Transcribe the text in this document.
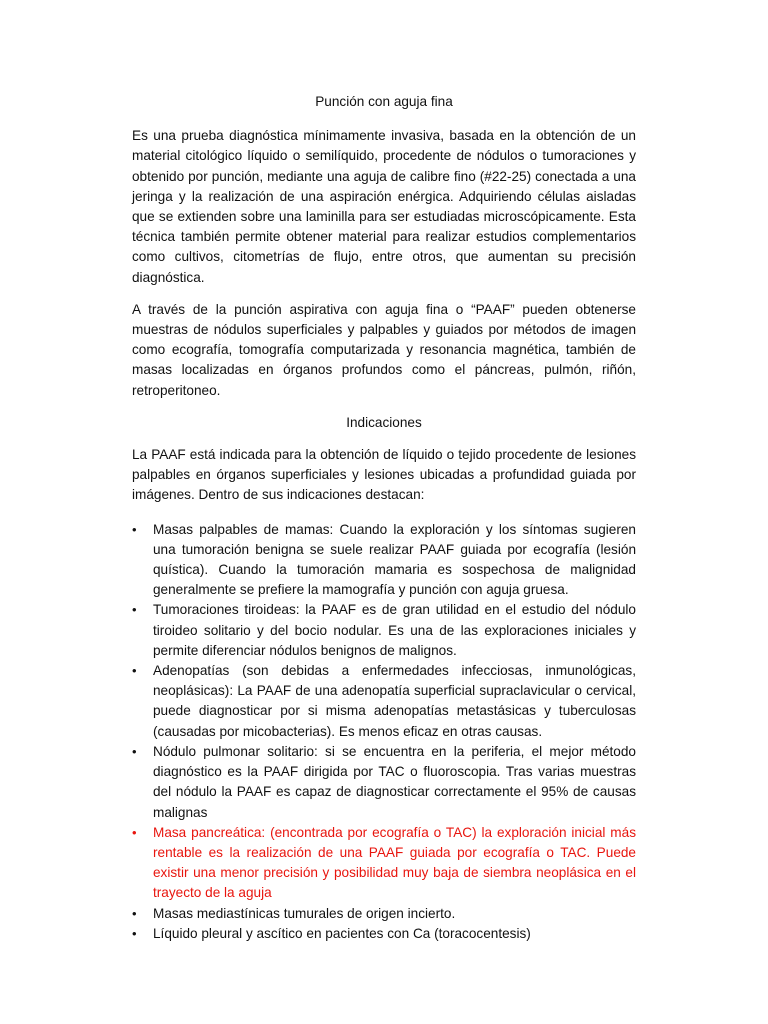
Punción con aguja fina

Es una prueba diagnóstica mínimamente invasiva, basada en la obtención de un material citológico líquido o semilíquido, procedente de nódulos o tumoraciones y obtenido por punción, mediante una aguja de calibre fino (#22-25) conectada a una jeringa y la realización de una aspiración enérgica. Adquiriendo células aisladas que se extienden sobre una laminilla para ser estudiadas microscópicamente. Esta técnica también permite obtener material para realizar estudios complementarios como cultivos, citometrías de flujo, entre otros, que aumentan su precisión diagnóstica.

A través de la punción aspirativa con aguja fina o “PAAF” pueden obtenerse muestras de nódulos superficiales y palpables y guiados por métodos de imagen como ecografía, tomografía computarizada y resonancia magnética, también de masas localizadas en órganos profundos como el páncreas, pulmón, riñón, retroperitoneo.

Indicaciones

La PAAF está indicada para la obtención de líquido o tejido procedente de lesiones palpables en órganos superficiales y lesiones ubicadas a profundidad guiada por imágenes. Dentro de sus indicaciones destacan:

• Masas palpables de mamas: Cuando la exploración y los síntomas sugieren una tumoración benigna se suele realizar PAAF guiada por ecografía (lesión quística). Cuando la tumoración mamaria es sospechosa de malignidad generalmente se prefiere la mamografía y punción con aguja gruesa.
• Tumoraciones tiroideas: la PAAF es de gran utilidad en el estudio del nódulo tiroideo solitario y del bocio nodular. Es una de las exploraciones iniciales y permite diferenciar nódulos benignos de malignos.
• Adenopatías (son debidas a enfermedades infecciosas, inmunológicas, neoplásicas): La PAAF de una adenopatía superficial supraclavicular o cervical, puede diagnosticar por si misma adenopatías metastásicas y tuberculosas (causadas por micobacterias). Es menos eficaz en otras causas.
• Nódulo pulmonar solitario: si se encuentra en la periferia, el mejor método diagnóstico es la PAAF dirigida por TAC o fluoroscopia. Tras varias muestras del nódulo la PAAF es capaz de diagnosticar correctamente el 95% de causas malignas
• Masa pancreática: (encontrada por ecografía o TAC) la exploración inicial más rentable es la realización de una PAAF guiada por ecografía o TAC. Puede existir una menor precisión y posibilidad muy baja de siembra neoplásica en el trayecto de la aguja
• Masas mediastínicas tumurales de origen incierto.
• Líquido pleural y ascítico en pacientes con Ca (toracocentesis)
